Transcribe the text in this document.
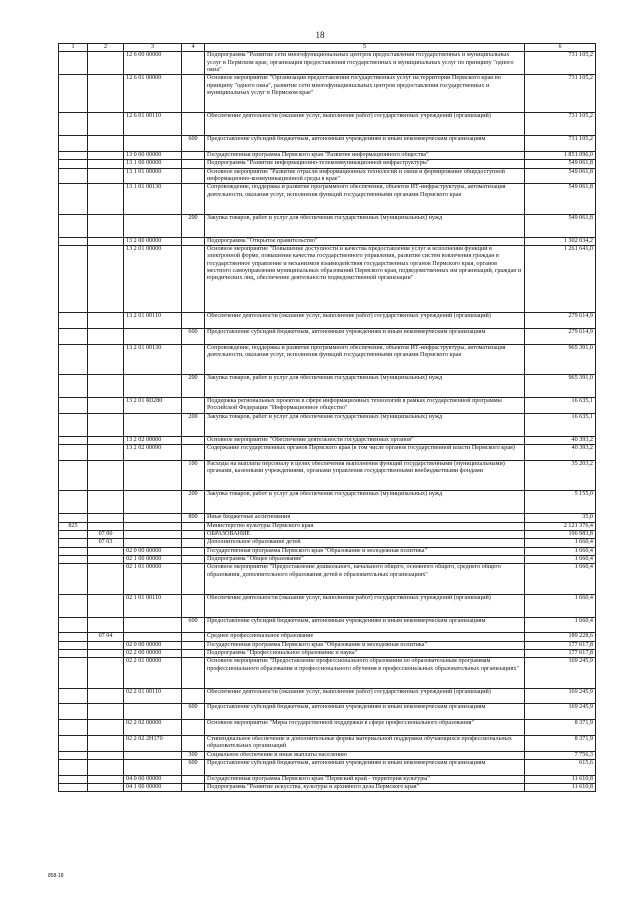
18
1	2	3	4	5	6
		12 6 00 00000		Подпрограмма "Развитие сети многофункциональных центров предоставления государственных и муниципальных услуг в Пермском крае, организация предоставления государственных и муниципальных услуг по принципу "одного окна"	731 105,2
		12 6 01 00000		Основное мероприятие "Организация предоставления государственных услуг на территории Пермского края по принципу "одного окна", развитие сети многофункциональных центров предоставления государственных и муниципальных услуг в Пермском крае"	731 105,2
		12 6 01 00110		Обеспечение деятельности (оказание услуг, выполнение работ) государственных учреждений (организаций)	731 105,2
			600	Предоставление субсидий бюджетным, автономным учреждениям и иным некоммерческим организациям	731 105,2
		13 0 00 00000		Государственная программа Пермского края "Развитие информационного общества"	1 851 096,0
		13 1 00 00000		Подпрограмма "Развитие информационно-телекоммуникационной инфраструктуры"	549 061,8
		13 1 01 00000		Основное мероприятие "Развитие отрасли информационных технологий и связи и формирование общедоступной информационно-коммуникационной среды в крае"	549 061,8
		13 1 01 00130		Сопровождение, поддержка и развитие программного обеспечения, объектов ИТ-инфраструктуры, автоматизация деятельности, оказания услуг, исполнения функций государственными органами Пермского края	549 061,8
			200	Закупка товаров, работ и услуг для обеспечения государственных (муниципальных) нужд	549 061,8
		13 2 00 00000		Подпрограмма "Открытое правительство"	1 302 034,2
		13 2 01 00000		Основное мероприятие "Повышение доступности и качества предоставления услуг и исполнения функций в электронной форме, повышение качества государственного управления, развитие систем вовлечения граждан в государственное управление и механизмов взаимодействия государственных органов Пермского края, органов местного самоуправления муниципальных образований Пермского края, подведомственных им организаций, граждан и юридических лиц, обеспечение деятельности подведомственной организации"	1 261 641,0
		13 2 01 00110		Обеспечение деятельности (оказание услуг, выполнение работ) государственных учреждений (организаций)	279 614,9
			600	Предоставление субсидий бюджетным, автономным учреждениям и иным некоммерческим организациям	279 614,9
		13 2 01 00130		Сопровождение, поддержка и развитие программного обеспечения, объектов ИТ-инфраструктуры, автоматизация деятельности, оказания услуг, исполнения функций государственными органами Пермского края	965 391,0
			200	Закупка товаров, работ и услуг для обеспечения государственных (муниципальных) нужд	965 391,0
		13 2 01 R0280		Поддержка региональных проектов в сфере информационных технологий в рамках государственной программы Российской Федерации "Информационное общество"	16 635,1
			200	Закупка товаров, работ и услуг для обеспечения государственных (муниципальных) нужд	16 635,1
		13 2 02 00000		Основное мероприятие "Обеспечение деятельности государственных органов"	40 393,2
		13 2 02 00090		Содержание государственных органов Пермского края (в том числе органов государственной власти Пермского края)	40 393,2
			100	Расходы на выплаты персоналу в целях обеспечения выполнения функций государственными (муниципальными) органами, казенными учреждениями, органами управления государственными внебюджетными фондами	35 203,2
			200	Закупка товаров, работ и услуг для обеспечения государственных (муниципальных) нужд	5 155,0
			800	Иные бюджетные ассигнования	35,0
825				Министерство культуры Пермского края	2 121 376,4
	07 00			ОБРАЗОВАНИЕ	196 983,8
	07 03			Дополнительное образование детей	1 660,4
		02 0 00 00000		Государственная программа Пермского края "Образование и молодежная политика"	1 660,4
		02 1 00 00000		Подпрограмма "Общее образование"	1 660,4
		02 1 01 00000		Основное мероприятие "Предоставление дошкольного, начального общего, основного общего, среднего общего образования, дополнительного образования детей в образовательных организациях"	1 660,4
		02 1 01 00110		Обеспечение деятельности (оказание услуг, выполнение работ) государственных учреждений (организаций)	1 660,4
			600	Предоставление субсидий бюджетным, автономным учреждениям и иным некоммерческим организациям	1 660,4
	07 04			Среднее профессиональное образование	189 228,6
		02 0 00 00000		Государственная программа Пермского края "Образование и молодежная политика"	177 617,8
		02 2 00 00000		Подпрограмма "Профессиональное образование и наука"	177 617,8
		02 2 01 00000		Основное мероприятие "Предоставление профессионального образования по образовательным программам профессионального образования и профессионального обучения в профессиональных образовательных организациях"	169 245,9
		02 2 01 00110		Обеспечение деятельности (оказание услуг, выполнение работ) государственных учреждений (организаций)	169 245,9
			600	Предоставление субсидий бюджетным, автономным учреждениям и иным некоммерческим организациям	169 245,9
		02 2 02 00000		Основное мероприятие "Меры государственной поддержки в сфере профессионального образования"	8 371,9
		02 2 02 2Н170		Стипендиальное обеспечение и дополнительные формы материальной поддержки обучающихся профессиональных образовательных организаций	8 371,9
			300	Социальное обеспечение и иные выплаты населению	7 756,3
			600	Предоставление субсидий бюджетным, автономным учреждениям и иным некоммерческим организациям	615,6
		04 0 00 00000		Государственная программа Пермского края "Пермский край - территория культуры"	11 610,8
		04 1 00 00000		Подпрограмма "Развитие искусства, культуры и архивного дела Пермского края"	11 610,8
858-18
